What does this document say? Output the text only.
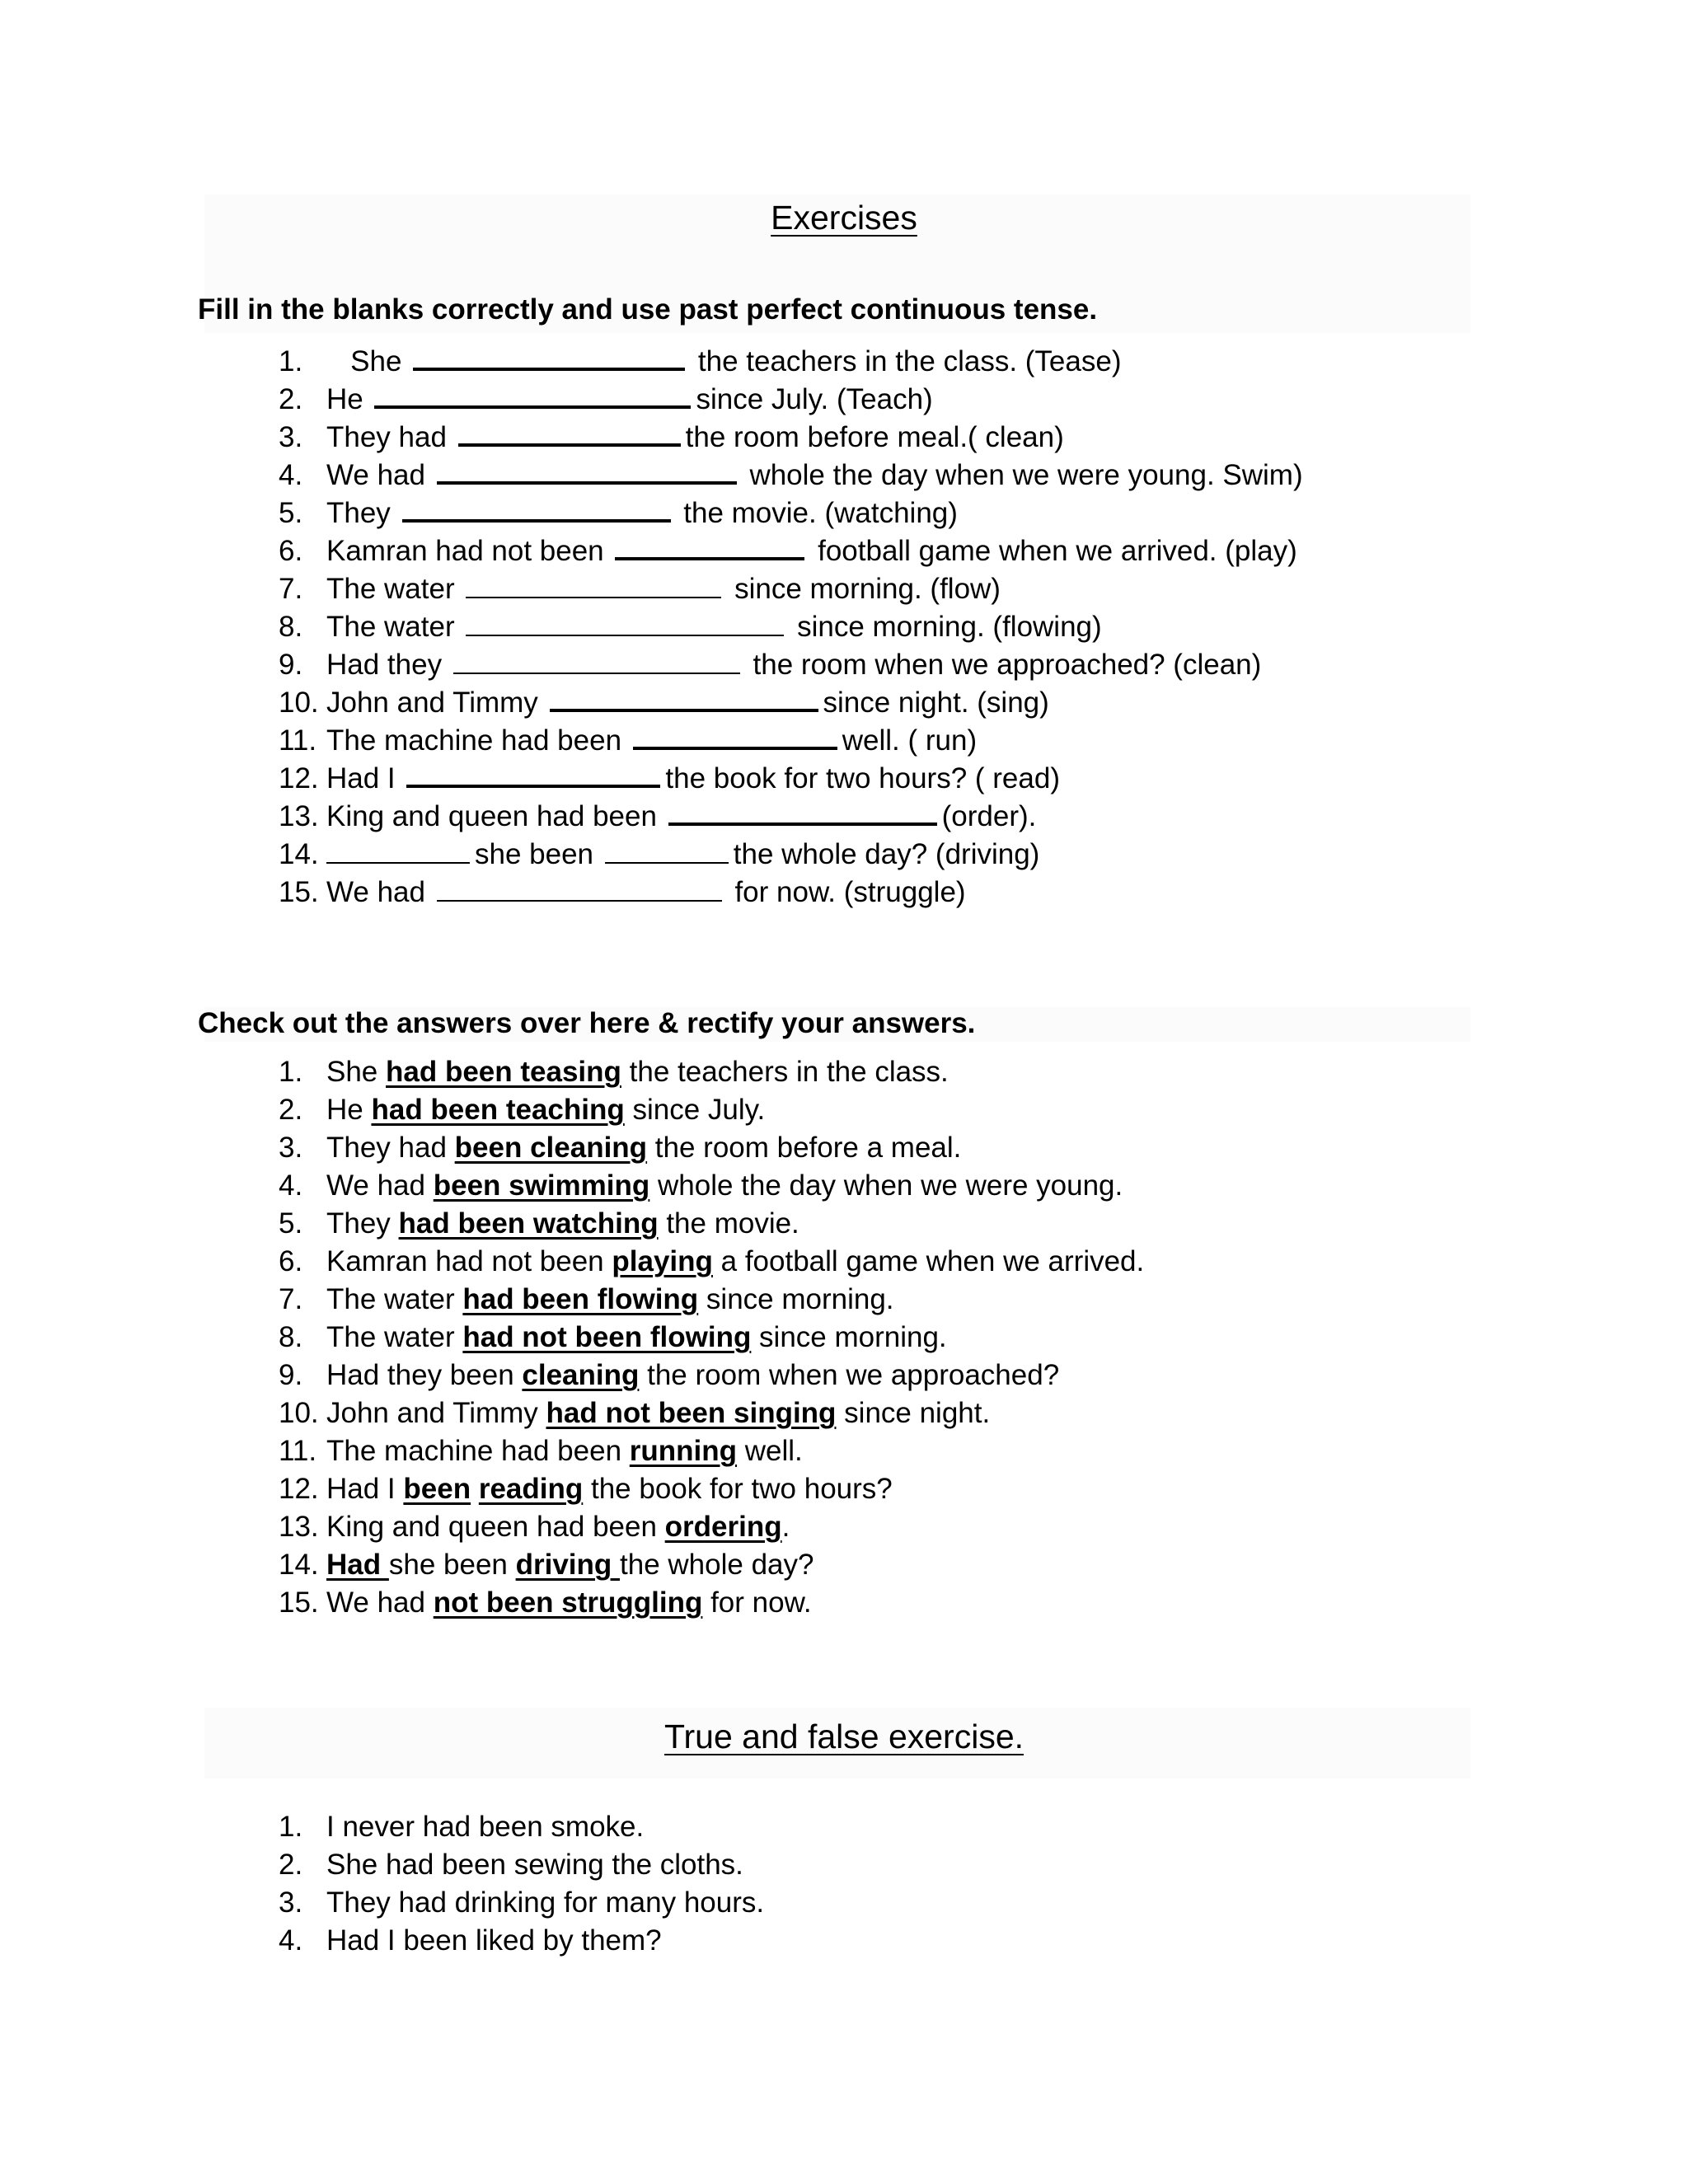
Exercises
Fill in the blanks correctly and use past perfect continuous tense.
1. She	the teachers in the class. (Tease)
2. He	since July. (Teach)
3. They had	the room before meal.( clean)
4. We had	whole the day when we were young. Swim)
5. They	the movie. (watching)
6. Kamran had not been	football game when we arrived. (play)
7. The water	since morning. (flow)
8. The water	since morning. (flowing)
9. Had they	the room when we approached? (clean)
10. John and Timmy	since night. (sing)
11. The machine had been	well. ( run)
12. Had I	the book for two hours? ( read)
13. King and queen had been	(order).
14.	she been	the whole day? (driving)
15. We had	for now. (struggle)
Check out the answers over here & rectify your answers.
1. She had been teasing the teachers in the class.
2. He had been teaching since July.
3. They had been cleaning the room before a meal.
4. We had been swimming whole the day when we were young.
5. They had been watching the movie.
6. Kamran had not been playing a football game when we arrived.
7. The water had been flowing since morning.
8. The water had not been flowing since morning.
9. Had they been cleaning the room when we approached?
10. John and Timmy had not been singing since night.
11. The machine had been running well.
12. Had I been reading the book for two hours?
13. King and queen had been ordering.
14. Had she been driving the whole day?
15. We had not been struggling for now.
True and false exercise.
1. I never had been smoke.
2. She had been sewing the cloths.
3. They had drinking for many hours.
4. Had I been liked by them?
